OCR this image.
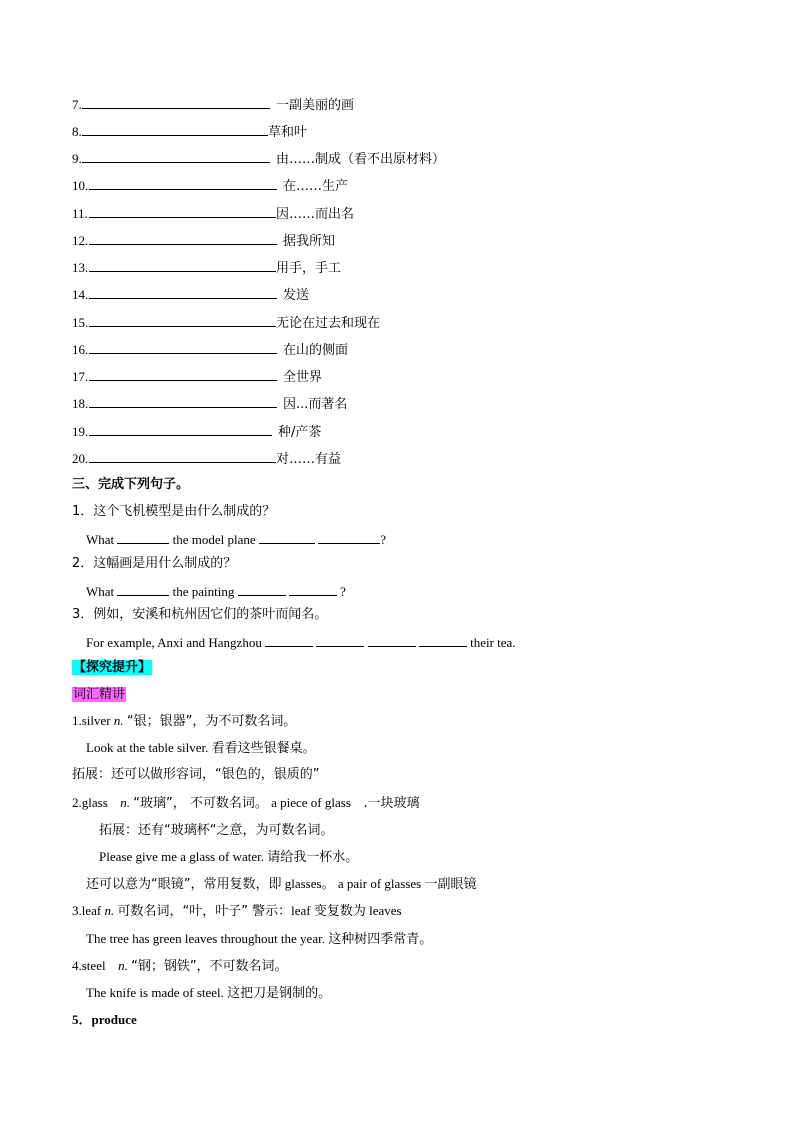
7.	一副美丽的画
8.	草和叶
9.	由……制成（看不出原材料）
10.	在……生产
11.	因……而出名
12.	据我所知
13.	用手，手工
14.	发送
15.	无论在过去和现在
16.	在山的侧面
17.	全世界
18.	因...而著名
19.	种/产茶
20.	对……有益
三、完成下列句子。
1．这个飞机模型是由什么制成的？
What	the model plane	?
2．这幅画是用什么制成的？
What	the painting	?
3．例如，安溪和杭州因它们的茶叶而闻名。
For example, Anxi and Hangzhou	their tea.
【探究提升】
词汇精讲
1.silver n. “银；银器”，为不可数名词。
Look at the table silver. 看看这些银餐桌。
拓展：还可以做形容词，“银色的，银质的”
2.glass n. “玻璃”， 不可数名词。 a piece of glass .一块玻璃
拓展：还有“玻璃杯“之意，为可数名词。
Please give me a glass of water. 请给我一杯水。
还可以意为“眼镜”，常用复数，即 glasses。 a pair of glasses 一副眼镜
3.leaf n. 可数名词，“叶，叶子” 警示：leaf 变复数为 leaves
The tree has green leaves throughout the year. 这种树四季常青。
4.steel n. “钢；钢铁”，不可数名词。
The knife is made of steel. 这把刀是钢制的。
5．produce
